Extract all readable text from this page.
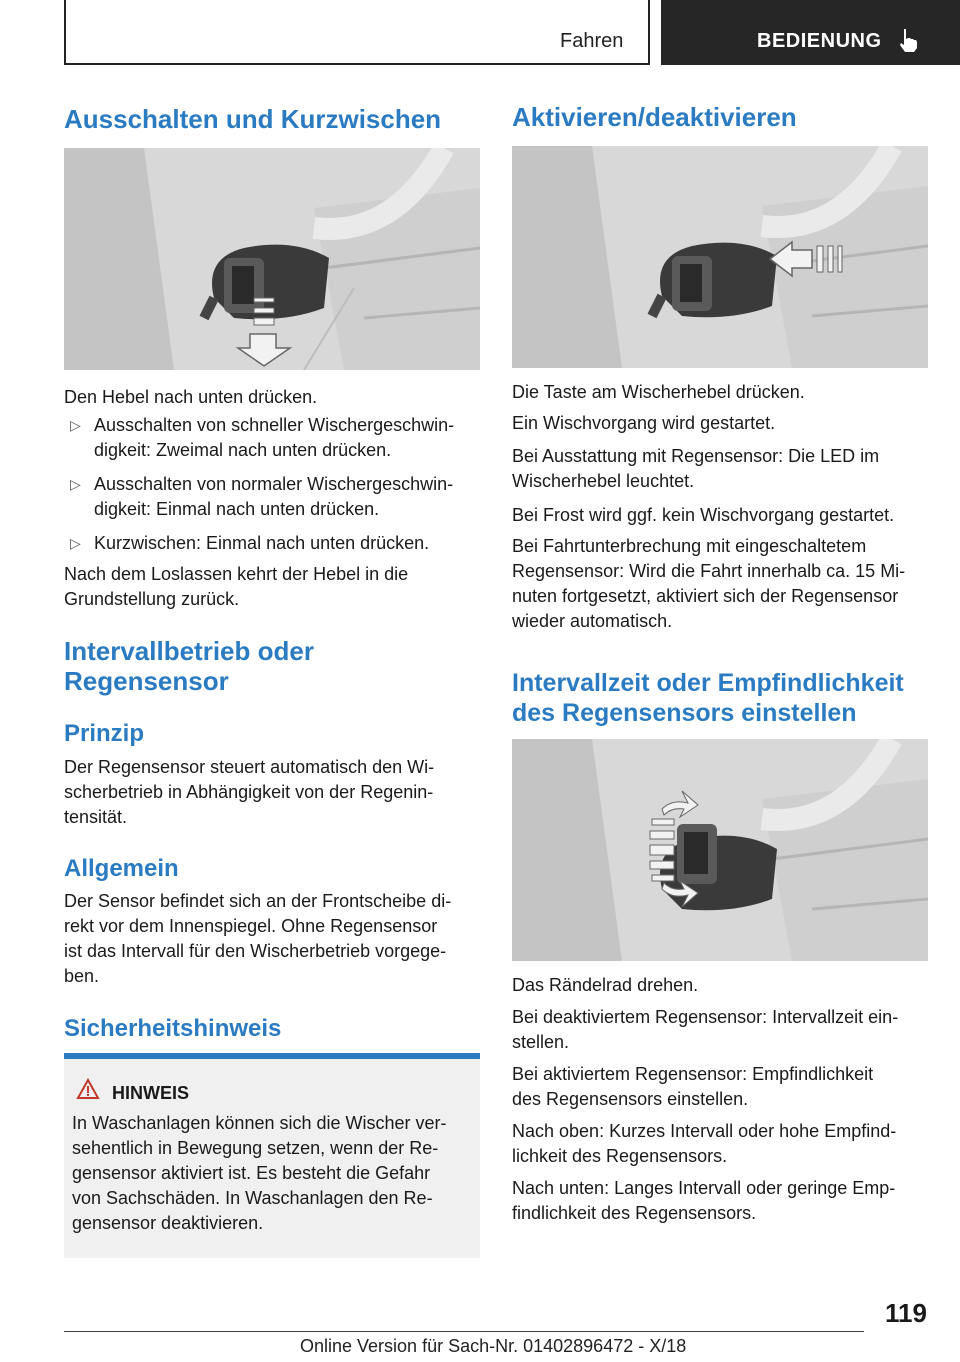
Fahren	BEDIENUNG
Ausschalten und Kurzwischen
Den Hebel nach unten drücken.
▷ Ausschalten von schneller Wischergeschwin-
digkeit: Zweimal nach unten drücken.
▷ Ausschalten von normaler Wischergeschwin-
digkeit: Einmal nach unten drücken.
▷ Kurzwischen: Einmal nach unten drücken.
Nach dem Loslassen kehrt der Hebel in die
Grundstellung zurück.
Intervallbetrieb oder
Regensensor
Prinzip
Der Regensensor steuert automatisch den Wi-
scherbetrieb in Abhängigkeit von der Regenin-
tensität.
Allgemein
Der Sensor befindet sich an der Frontscheibe di-
rekt vor dem Innenspiegel. Ohne Regensensor
ist das Intervall für den Wischerbetrieb vorgege-
ben.
Sicherheitshinweis
HINWEIS
In Waschanlagen können sich die Wischer ver-
sehentlich in Bewegung setzen, wenn der Re-
gensensor aktiviert ist. Es besteht die Gefahr
von Sachschäden. In Waschanlagen den Re-
gensensor deaktivieren.
Aktivieren/deaktivieren
Die Taste am Wischerhebel drücken.
Ein Wischvorgang wird gestartet.
Bei Ausstattung mit Regensensor: Die LED im
Wischerhebel leuchtet.
Bei Frost wird ggf. kein Wischvorgang gestartet.
Bei Fahrtunterbrechung mit eingeschaltetem
Regensensor: Wird die Fahrt innerhalb ca. 15 Mi-
nuten fortgesetzt, aktiviert sich der Regensensor
wieder automatisch.
Intervallzeit oder Empfindlichkeit
des Regensensors einstellen
Das Rändelrad drehen.
Bei deaktiviertem Regensensor: Intervallzeit ein-
stellen.
Bei aktiviertem Regensensor: Empfindlichkeit
des Regensensors einstellen.
Nach oben: Kurzes Intervall oder hohe Empfind-
lichkeit des Regensensors.
Nach unten: Langes Intervall oder geringe Emp-
findlichkeit des Regensensors.
119
Online Version für Sach-Nr. 01402896472 - X/18
